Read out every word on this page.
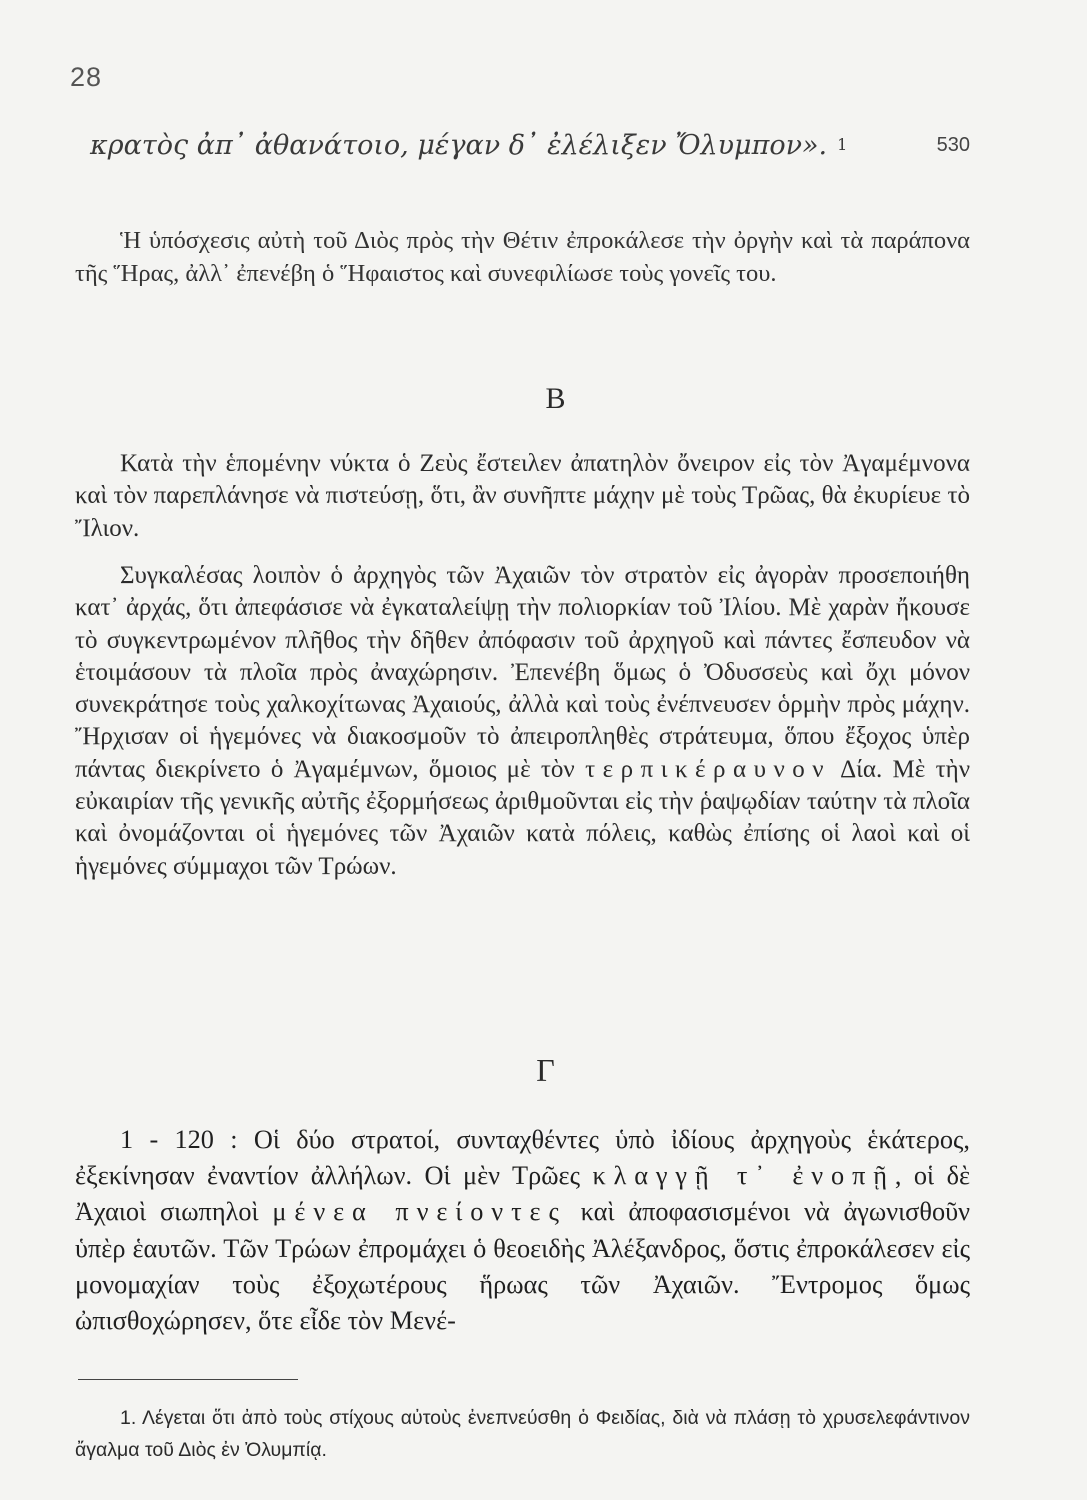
28
κρατὸς ἀπ᾽ ἀθανάτοιο, μέγαν δ᾽ ἐλέλιξεν Ὄλυμπον». 1	530

Ἡ ὑπόσχεσις αὐτὴ τοῦ Διὸς πρὸς τὴν Θέτιν ἐπροκάλεσε τὴν ὀργὴν καὶ τὰ παράπονα τῆς Ἥρας, ἀλλ᾽ ἐπενέβη ὁ Ἥφαιστος καὶ συνεφιλίωσε τοὺς γονεῖς του.

Β

Κατὰ τὴν ἑπομένην νύκτα ὁ Ζεὺς ἔστειλεν ἀπατηλὸν ὄνειρον εἰς τὸν Ἀγαμέμνονα καὶ τὸν παρεπλάνησε νὰ πιστεύσῃ, ὅτι, ἂν συνῆπτε μάχην μὲ τοὺς Τρῶας, θὰ ἐκυρίευε τὸ Ἴλιον.

Συγκαλέσας λοιπὸν ὁ ἀρχηγὸς τῶν Ἀχαιῶν τὸν στρατὸν εἰς ἀγορὰν προσεποιήθη κατ᾽ ἀρχάς, ὅτι ἀπεφάσισε νὰ ἐγκαταλείψῃ τὴν πολιορκίαν τοῦ Ἰλίου. Μὲ χαρὰν ἤκουσε τὸ συγκεντρωμένον πλῆθος τὴν δῆθεν ἀπόφασιν τοῦ ἀρχηγοῦ καὶ πάντες ἔσπευδον νὰ ἑτοιμάσουν τὰ πλοῖα πρὸς ἀναχώρησιν. Ἐπενέβη ὅμως ὁ Ὀδυσσεὺς καὶ ὄχι μόνον συνεκράτησε τοὺς χαλκοχίτωνας Ἀχαιούς, ἀλλὰ καὶ τοὺς ἐνέπνευσεν ὁρμὴν πρὸς μάχην. Ἤρχισαν οἱ ἡγεμόνες νὰ διακοσμοῦν τὸ ἀπειροπληθὲς στράτευμα, ὅπου ἔξοχος ὑπὲρ πάντας διεκρίνετο ὁ Ἀγαμέμνων, ὅμοιος μὲ τὸν τερπικέραυνον Δία. Μὲ τὴν εὐκαιρίαν τῆς γενικῆς αὐτῆς ἐξορμήσεως ἀριθμοῦνται εἰς τὴν ῥαψῳδίαν ταύτην τὰ πλοῖα καὶ ὀνομάζονται οἱ ἡγεμόνες τῶν Ἀχαιῶν κατὰ πόλεις, καθὼς ἐπίσης οἱ λαοὶ καὶ οἱ ἡγεμόνες σύμμαχοι τῶν Τρώων.

Γ

1 - 120 : Οἱ δύο στρατοί, συνταχθέντες ὑπὸ ἰδίους ἀρχηγοὺς ἑκάτερος, ἐξεκίνησαν ἐναντίον ἀλλήλων. Οἱ μὲν Τρῶες κλαγγῇ τ᾽ ἐνοπῇ, οἱ δὲ Ἀχαιοὶ σιωπηλοὶ μένεα πνείοντες καὶ ἀποφασισμένοι νὰ ἀγωνισθοῦν ὑπὲρ ἑαυτῶν. Τῶν Τρώων ἐπρομάχει ὁ θεοειδὴς Ἀλέξανδρος, ὅστις ἐπροκάλεσεν εἰς μονομαχίαν τοὺς ἐξοχωτέρους ἥρωας τῶν Ἀχαιῶν. Ἔντρομος ὅμως ὠπισθοχώρησεν, ὅτε εἶδε τὸν Μενέ-

1. Λέγεται ὅτι ἀπὸ τοὺς στίχους αὐτοὺς ἐνεπνεύσθη ὁ Φειδίας, διὰ νὰ πλάσῃ τὸ χρυσελεφάντινον ἄγαλμα τοῦ Διὸς ἐν Ὀλυμπίᾳ.
